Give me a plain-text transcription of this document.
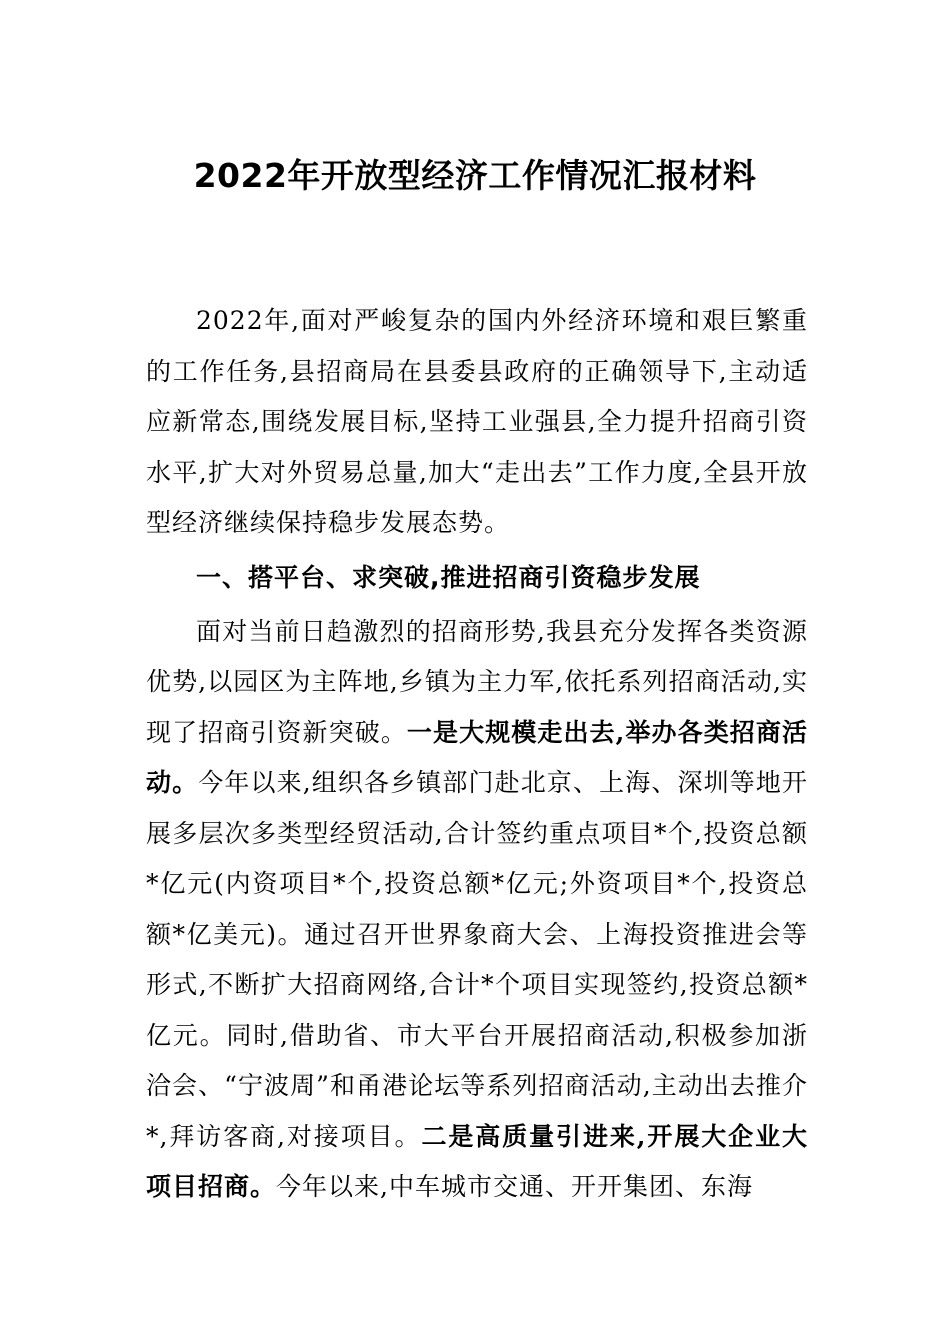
2022年开放型经济工作情况汇报材料

2022年,面对严峻复杂的国内外经济环境和艰巨繁重的工作任务,县招商局在县委县政府的正确领导下,主动适应新常态,围绕发展目标,坚持工业强县,全力提升招商引资水平,扩大对外贸易总量,加大“走出去”工作力度,全县开放型经济继续保持稳步发展态势。

一、搭平台、求突破,推进招商引资稳步发展

面对当前日趋激烈的招商形势,我县充分发挥各类资源优势,以园区为主阵地,乡镇为主力军,依托系列招商活动,实现了招商引资新突破。一是大规模走出去,举办各类招商活动。今年以来,组织各乡镇部门赴北京、上海、深圳等地开展多层次多类型经贸活动,合计签约重点项目*个,投资总额*亿元(内资项目*个,投资总额*亿元;外资项目*个,投资总额*亿美元)。通过召开世界象商大会、上海投资推进会等形式,不断扩大招商网络,合计*个项目实现签约,投资总额*亿元。同时,借助省、市大平台开展招商活动,积极参加浙洽会、“宁波周”和甬港论坛等系列招商活动,主动出去推介*,拜访客商,对接项目。二是高质量引进来,开展大企业大项目招商。今年以来,中车城市交通、开开集团、东海
